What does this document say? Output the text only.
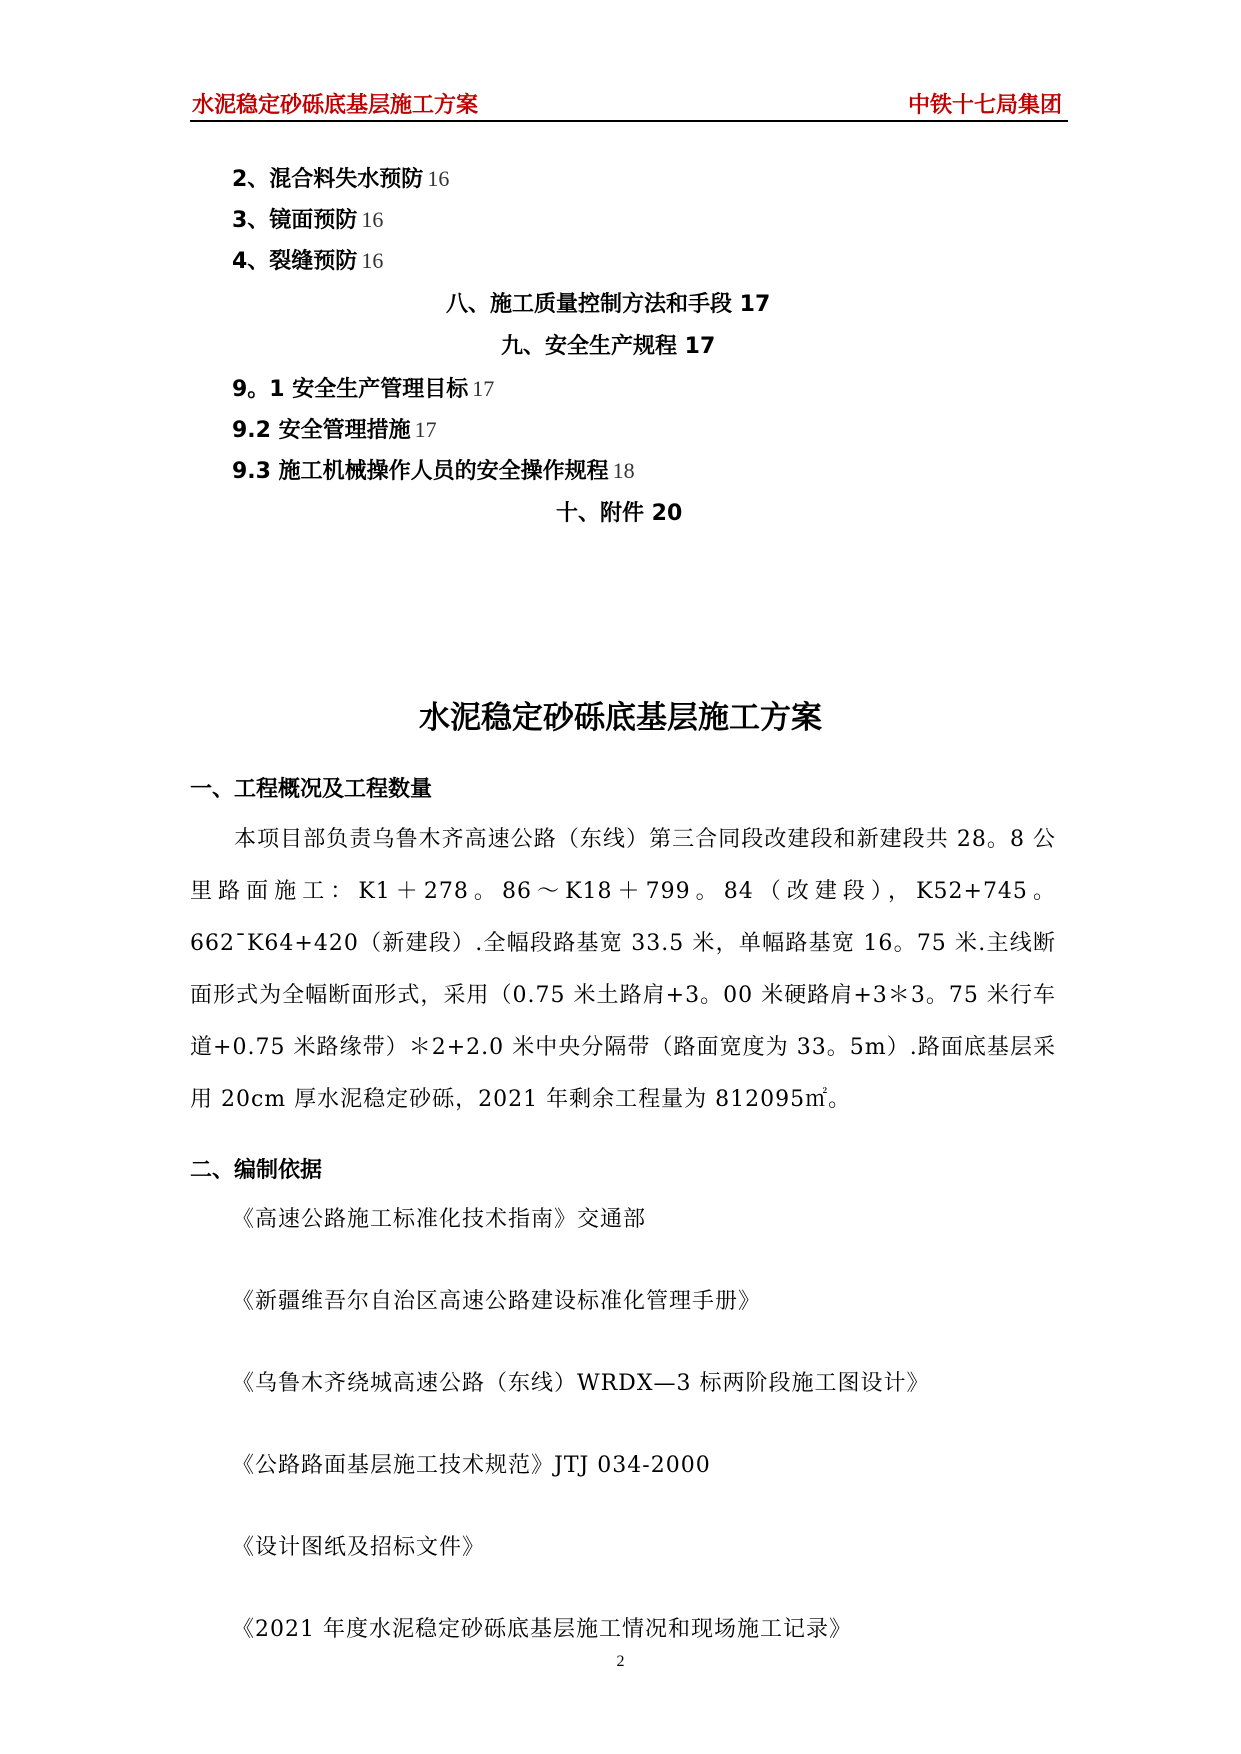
水泥稳定砂砾底基层施工方案	中铁十七局集团
2、混合料失水预防 16
3、镜面预防 16
4、裂缝预防 16
八、施工质量控制方法和手段 17
九、安全生产规程 17
9。1 安全生产管理目标 17
9.2 安全管理措施 17
9.3 施工机械操作人员的安全操作规程 18
十、附件 20
水泥稳定砂砾底基层施工方案
一、工程概况及工程数量
本项目部负责乌鲁木齐高速公路（东线）第三合同段改建段和新建段共 28。8 公里路面施工：K1＋278。86～K18＋799。84（改建段），K52+745。662¯K64+420（新建段）.全幅段路基宽 33.5 米，单幅路基宽 16。75 米.主线断面形式为全幅断面形式，采用（0.75 米土路肩+3。00 米硬路肩+3＊3。75 米行车道+0.75 米路缘带）＊2+2.0 米中央分隔带（路面宽度为 33。5m）.路面底基层采用 20cm 厚水泥稳定砂砾，2021 年剩余工程量为 812095㎡。
二、编制依据
《高速公路施工标准化技术指南》交通部
《新疆维吾尔自治区高速公路建设标准化管理手册》
《乌鲁木齐绕城高速公路（东线）WRDX—3 标两阶段施工图设计》
《公路路面基层施工技术规范》JTJ 034-2000
《设计图纸及招标文件》
《2021 年度水泥稳定砂砾底基层施工情况和现场施工记录》
2
